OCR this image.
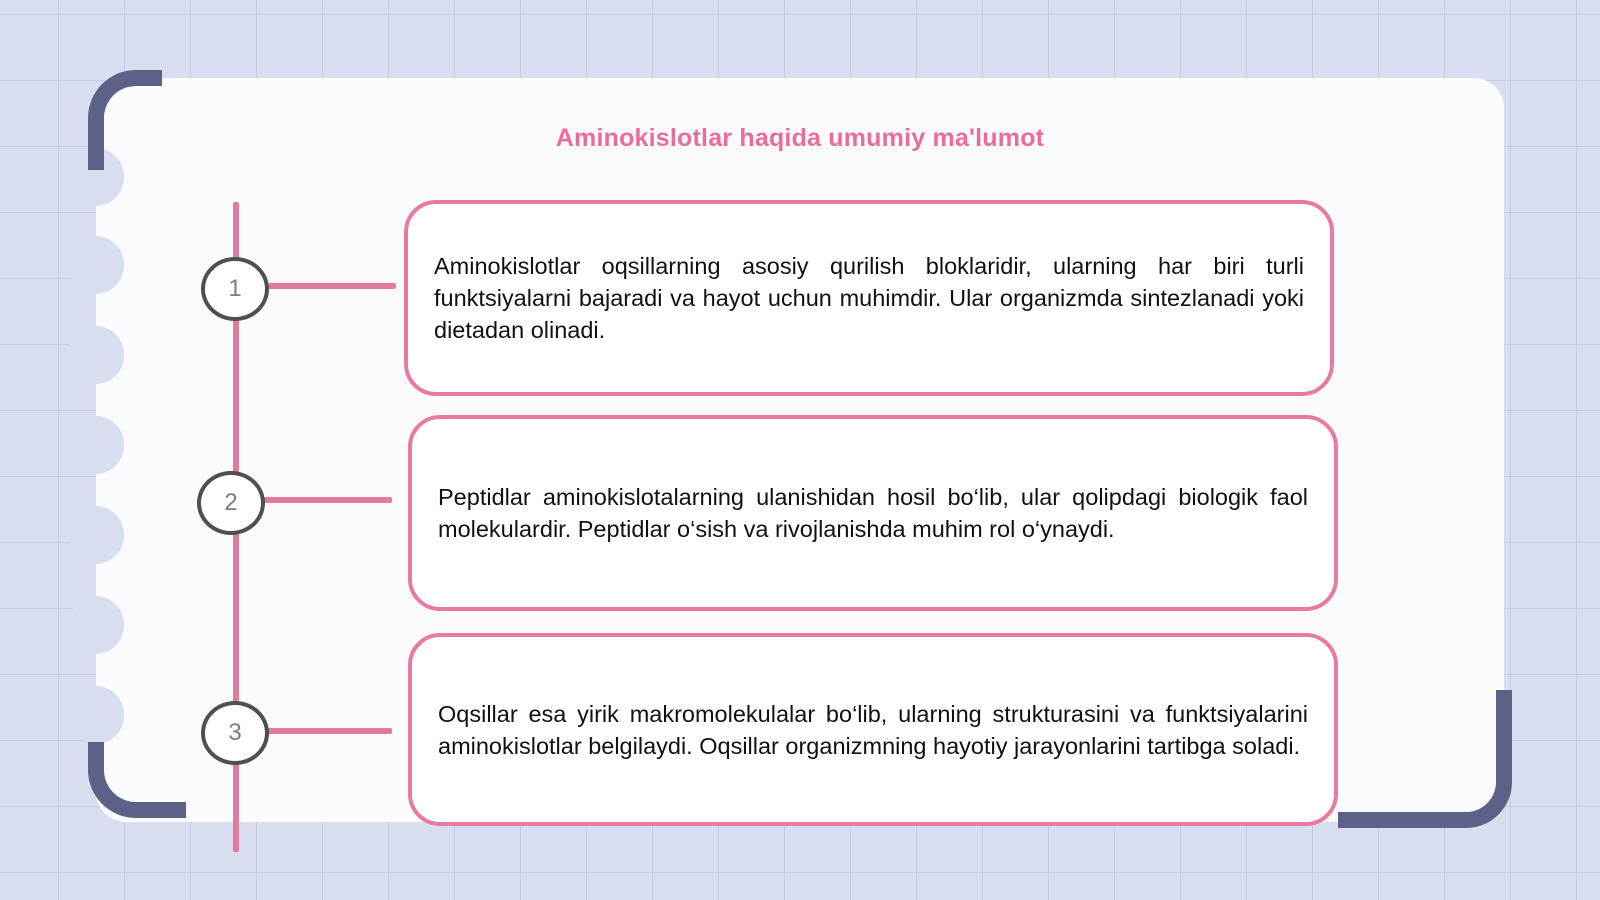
Aminokislotlar haqida umumiy ma'lumot
1

Aminokislotlar oqsillarning asosiy qurilish bloklaridir, ularning har biri turli funktsiyalarni bajaradi va hayot uchun muhimdir. Ular organizmda sintezlanadi yoki dietadan olinadi.

2	Peptidlar aminokislotalarning ulanishidan hosil bo‘lib, ular qolipdagi biologik faol molekulardir. Peptidlar o‘sish va rivojlanishda muhim rol o‘ynaydi.

3

Oqsillar esa yirik makromolekulalar bo‘lib, ularning strukturasini va funktsiyalarini aminokislotlar belgilaydi. Oqsillar organizmning hayotiy jarayonlarini tartibga soladi.
